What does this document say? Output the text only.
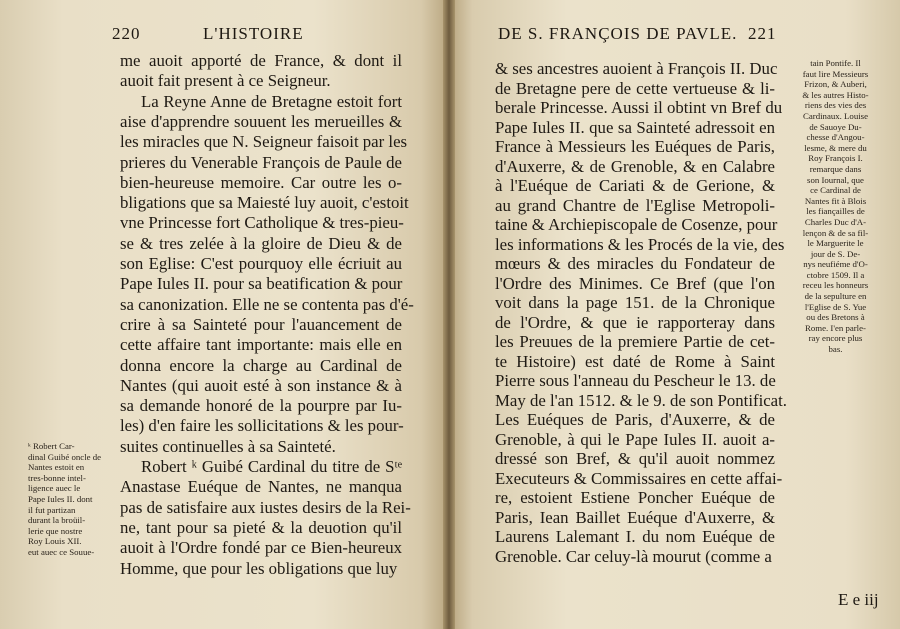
220	L'HISTOIRE	DE S. FRANÇOIS DE PAVLE. 221
me auoit apporté de France, & dont il
auoit fait present à ce Seigneur.
La Reyne Anne de Bretagne estoit fort
aise d'apprendre souuent les merueilles &
les miracles que N. Seigneur faisoit par les
prieres du Venerable François de Paule de
bien-heureuse memoire. Car outre les o-
bligations que sa Maiesté luy auoit, c'estoit
vne Princesse fort Catholique & tres-pieu-
se & tres zelée à la gloire de Dieu & de
son Eglise: C'est pourquoy elle écriuit au
Pape Iules II. pour sa beatification & pour
sa canonization. Elle ne se contenta pas d'é-
crire à sa Sainteté pour l'auancement de
cette affaire tant importante: mais elle en
donna encore la charge au Cardinal de
Nantes (qui auoit esté à son instance & à
sa demande honoré de la pourpre par Iu-
les) d'en faire les sollicitations & les pour-
suites continuelles à sa Sainteté.
Robert ᵏ Guibé Cardinal du titre de Sᵗᵉ
Anastase Euéque de Nantes, ne manqua
pas de satisfaire aux iustes desirs de la Rei-
ne, tant pour sa pieté & la deuotion qu'il
auoit à l'Ordre fondé par ce Bien-heureux
Homme, que pour les obligations que luy
& ses ancestres auoient à François II. Duc
de Bretagne pere de cette vertueuse & li-
berale Princesse. Aussi il obtint vn Bref du
Pape Iules II. que sa Sainteté adressoit en
France à Messieurs les Euéques de Paris,
d'Auxerre, & de Grenoble, & en Calabre
à l'Euéque de Cariati & de Gerione, &
au grand Chantre de l'Eglise Metropoli-
taine & Archiepiscopale de Cosenze, pour
les informations & les Procés de la vie, des
mœurs & des miracles du Fondateur de
l'Ordre des Minimes. Ce Bref (que l'on
voit dans la page 151. de la Chronique
de l'Ordre, & que ie rapporteray dans
les Preuues de la premiere Partie de cet-
te Histoire) est daté de Rome à Saint
Pierre sous l'anneau du Pescheur le 13. de
May de l'an 1512. & le 9. de son Pontificat.
Les Euéques de Paris, d'Auxerre, & de
Grenoble, à qui le Pape Iules II. auoit a-
dressé son Bref, & qu'il auoit nommez
Executeurs & Commissaires en cette affai-
re, estoient Estiene Poncher Euéque de
Paris, Iean Baillet Euéque d'Auxerre, &
Laurens Lalemant I. du nom Euéque de
Grenoble. Car celuy-là mourut (comme a
ᵏ Robert Car-
dinal Guibé oncle de
Nantes estoit en
tres-bonne intel-
ligence auec le
Pape Iules II. dont
il fut partizan
durant la broüil-
lerie que nostre
Roy Louis XII.
eut auec ce Souue-
tain Pontife. Il
faut lire Messieurs
Frizon, & Auberi,
& les autres Histo-
riens des vies des
Cardinaux. Louise
de Sauoye Du-
chesse d'Angou-
lesme, & mere du
Roy François I.
remarque dans
son Iournal, que
ce Cardinal de
Nantes fit à Blois
les fiançailles de
Charles Duc d'A-
lençon & de sa fil-
le Marguerite le
jour de S. De-
nys neufiéme d'O-
ctobre 1509. Il a
receu les honneurs
de la sepulture en
l'Eglise de S. Yue
ou des Bretons à
Rome. I'en parle-
ray encore plus
bas.
E e iij
